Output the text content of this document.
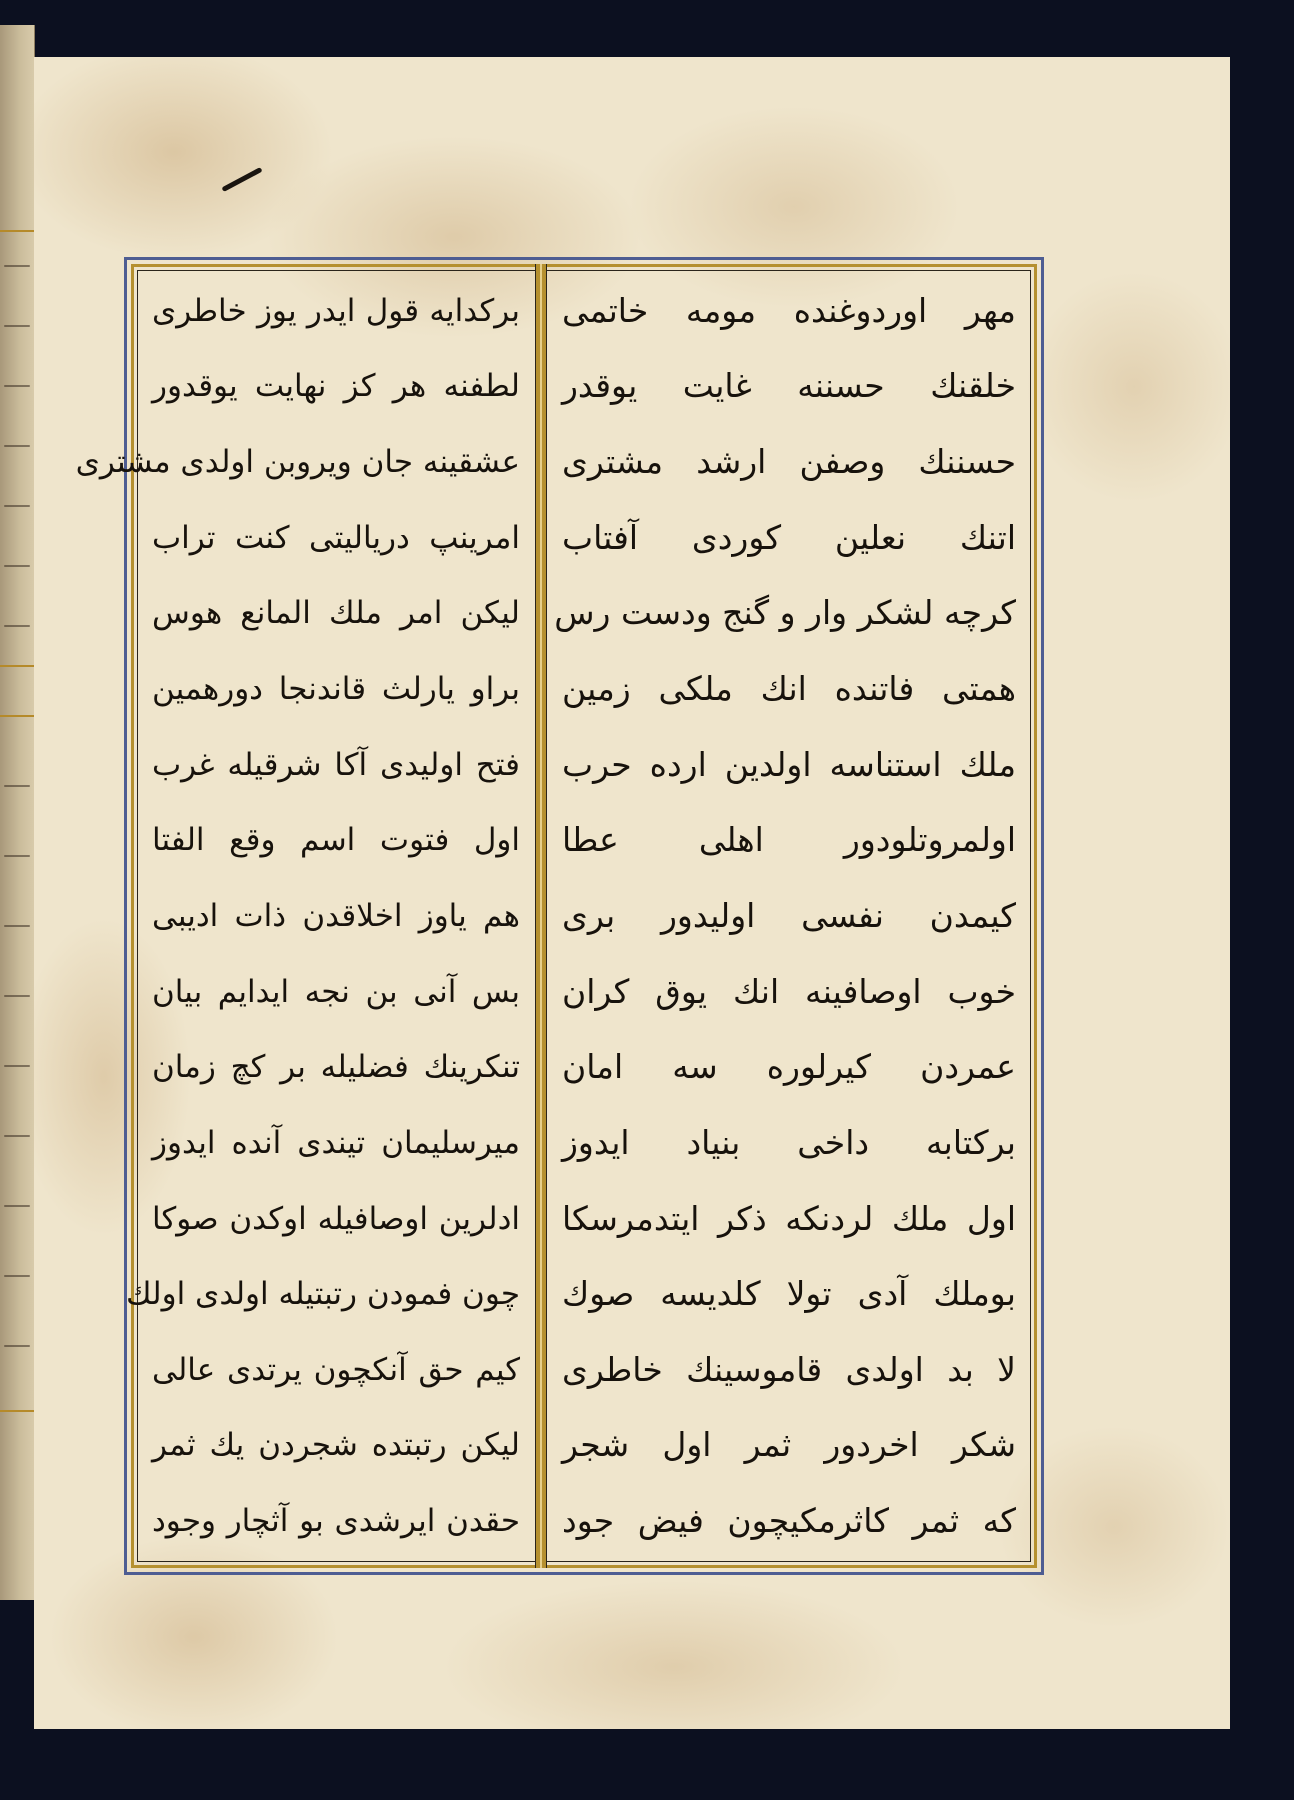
مهر اوردوغنده مومه خاتمی
خلقنك حسننه غایت یوقدر
حسننك وصفن ارشد مشتری
اتنك نعلین كوردی آفتاب
كرچه لشكر وار و گنج ودست رس
همتی فاتنده انك ملكی زمین
ملك استناسه اولدین ارده حرب
اولمروتلودور اهلی عطا
كیمدن نفسی اولیدور بری
خوب اوصافینه انك یوق كران
عمردن كیرلوره سه امان
بركتابه داخی بنیاد ایدوز
اول ملك لردنكه ذكر ایتدمرسكا
بوملك آدی تولا كلدیسه صوك
لا بد اولدی قاموسینك خاطری
شكر اخردور ثمر اول شجر
كه ثمر كاثرمكیچون فیض جود
بركدایه قول ایدر یوز خاطری
لطفنه هر كز نهایت یوقدور
عشقینه جان ویروبن اولدی مشتری
امرینپ دریالیتی كنت تراب
لیكن امر ملك المانع هوس
براو یارلث قاندنجا دورهمین
فتح اولیدی آكا شرقیله غرب
اول فتوت اسم وقع الفتا
هم یاوز اخلاقدن ذات ادیبی
بس آنی بن نجه ایدایم بیان
تنكرینك فضلیله بر كچ زمان
میرسلیمان تیندی آنده ایدوز
ادلرین اوصافیله اوكدن صوكا
چون فمودن رتبتیله اولدی اولك
كیم حق آنكچون یرتدی عالی
لیكن رتبتده شجردن یك ثمر
حقدن ایرشدی بو آثچار وجود
